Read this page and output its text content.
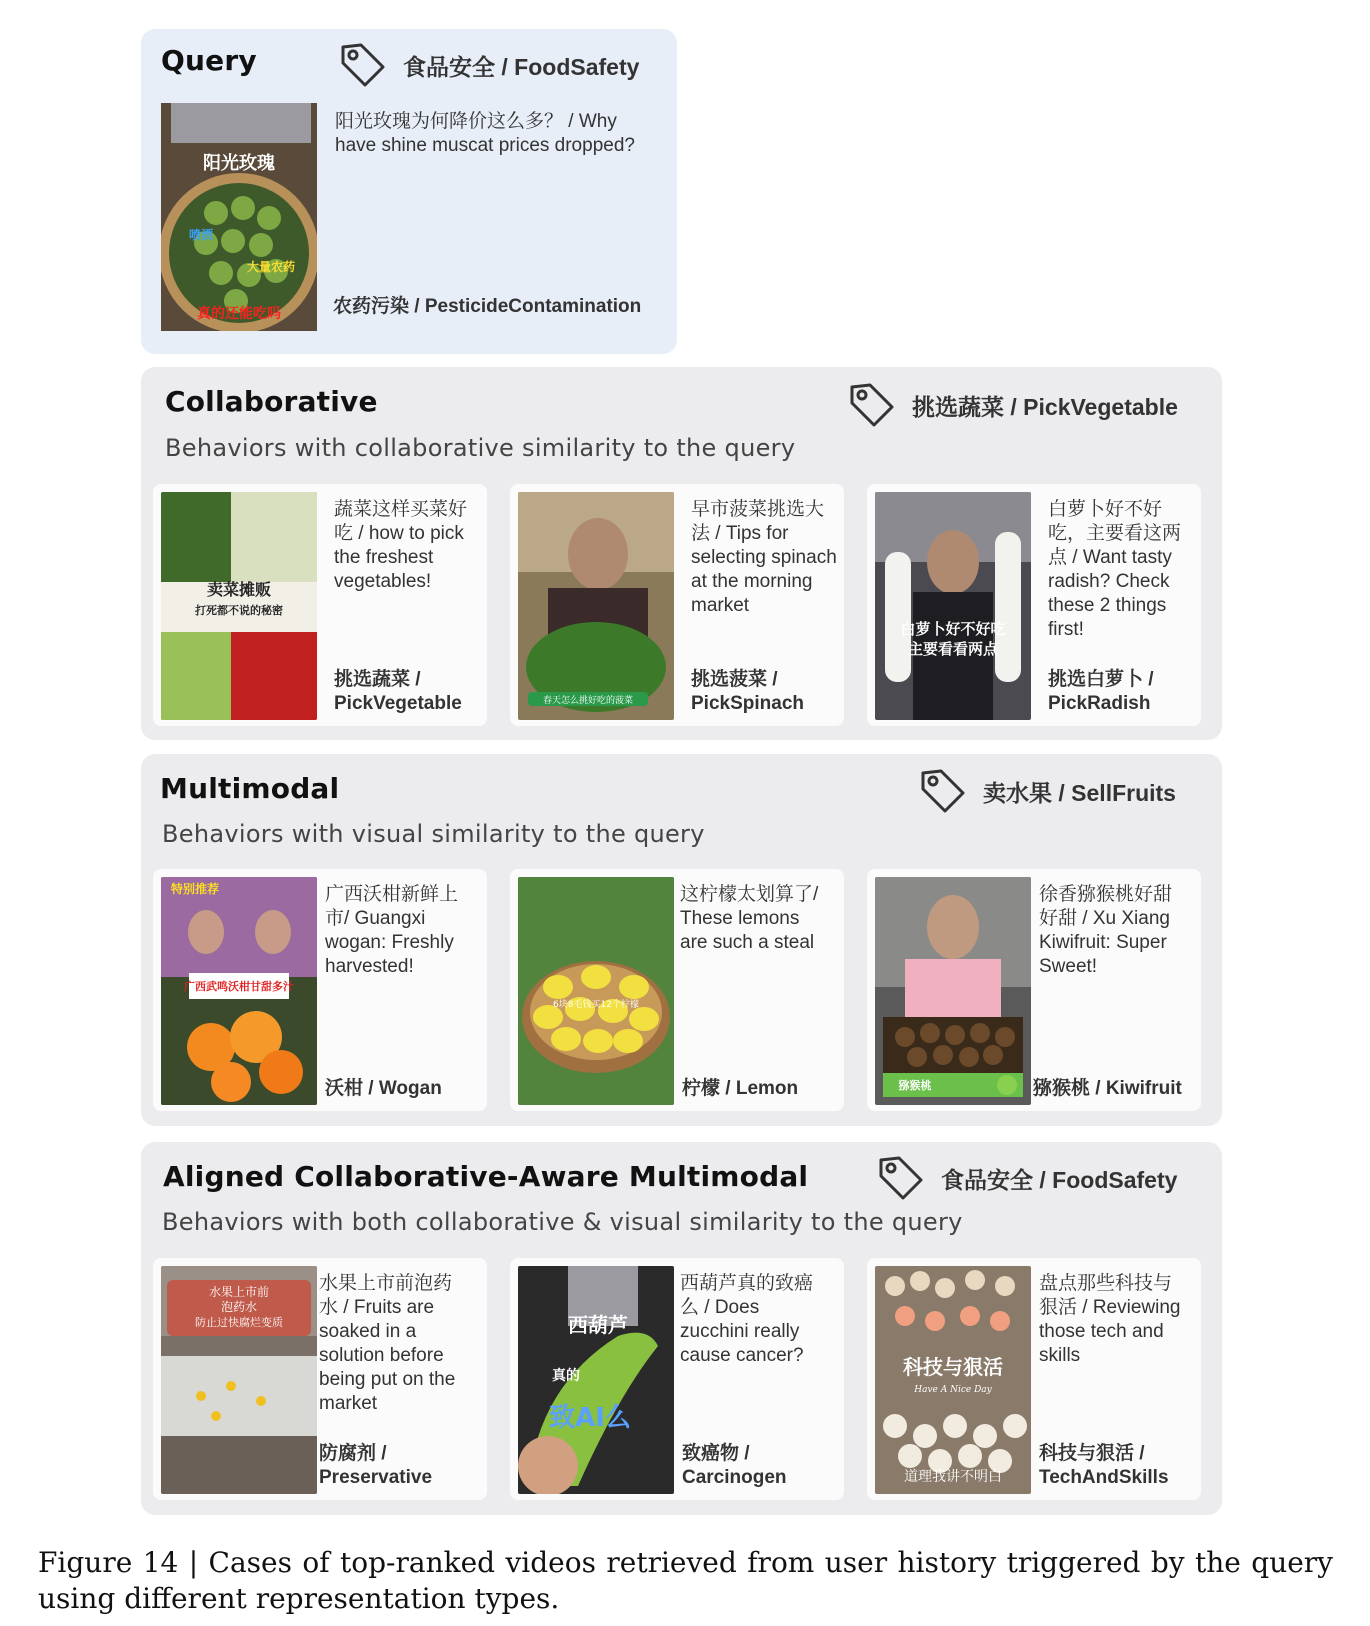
Query	食品安全 / FoodSafety
阳光玫瑰
喷洒
大量农药
真的还能吃吗
阳光玫瑰为何降价这么多？ / Why have shine muscat prices dropped?
农药污染 / PesticideContamination
Collaborative
Behaviors with collaborative similarity to the query
挑选蔬菜 / PickVegetable
卖菜摊贩
打死都不说的秘密
蔬菜这样买菜好吃 / how to pick the freshest vegetables!
挑选蔬菜 / PickVegetable	春天怎么挑好吃的菠菜
早市菠菜挑选大法 / Tips for selecting spinach at the morning market
挑选菠菜 / PickSpinach
白萝卜好不好吃
主要看看两点
白萝卜好不好吃，主要看这两点 / Want tasty radish? Check these 2 things first!
挑选白萝卜 / PickRadish
Multimodal
Behaviors with visual similarity to the query
卖水果 / SellFruits
特别推荐
广西武鸣沃柑甘甜多汁
广西沃柑新鲜上市/ Guangxi wogan: Freshly harvested!
沃柑 / Wogan
6块8毛钱买12个柠檬
这柠檬太划算了/ These lemons are such a steal
柠檬 / Lemon	猕猴桃
徐香猕猴桃好甜好甜 / Xu Xiang Kiwifruit: Super Sweet!
猕猴桃 / Kiwifruit
Aligned Collaborative-Aware Multimodal
Behaviors with both collaborative & visual similarity to the query
食品安全 / FoodSafety
水果上市前
泡药水
防止过快腐烂变质
水果上市前泡药水 / Fruits are soaked in a solution before being put on the market
防腐剂 / Preservative
西葫芦
真的
致AI么
西葫芦真的致癌么 / Does zucchini really cause cancer?
致癌物 / Carcinogen
科技与狠活
Have A Nice Day
道理我讲不明白
盘点那些科技与狠活 / Reviewing those tech and skills
科技与狠活 / TechAndSkills
Figure 14 | Cases of top-ranked videos retrieved from user history triggered by the query using different representation types.
